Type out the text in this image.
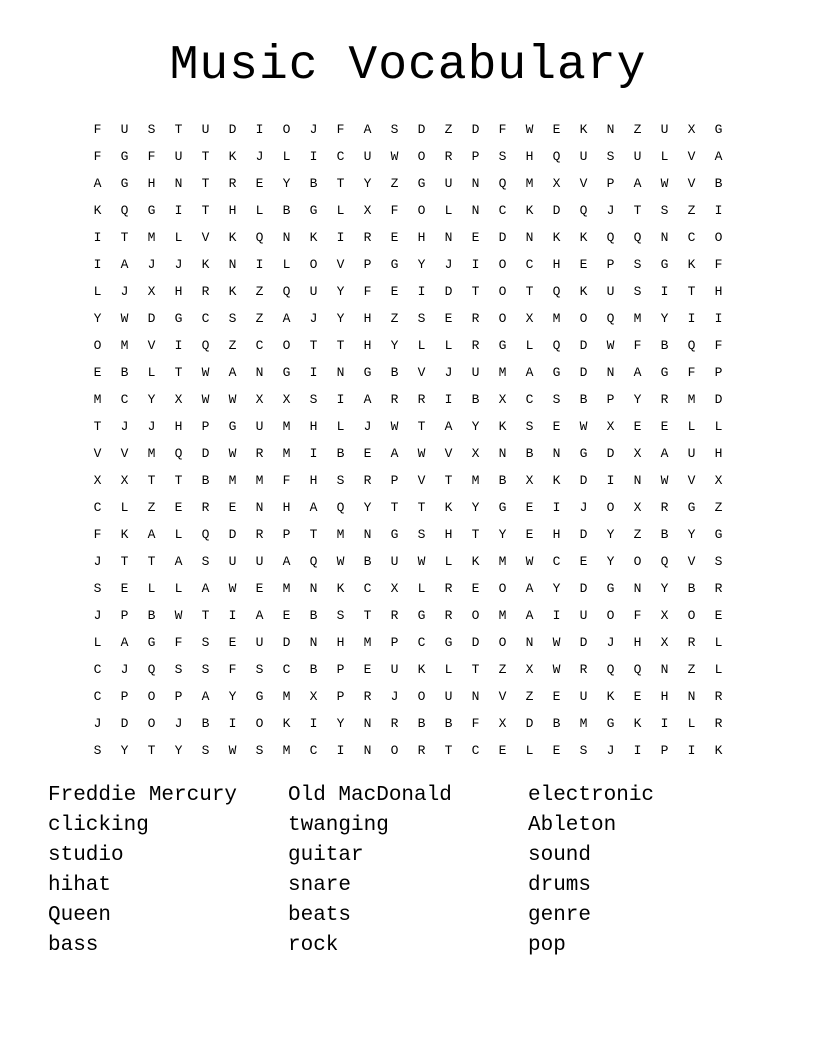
Music Vocabulary
F	U	S	T	U	D	I	O	J	F	A	S	D	Z	D	F	W	E	K	N	Z	U	X	G
F	G	F	U	T	K	J	L	I	C	U	W	O	R	P	S	H	Q	U	S	U	L	V	A
A	G	H	N	T	R	E	Y	B	T	Y	Z	G	U	N	Q	M	X	V	P	A	W	V	B
K	Q	G	I	T	H	L	B	G	L	X	F	O	L	N	C	K	D	Q	J	T	S	Z	I
I	T	M	L	V	K	Q	N	K	I	R	E	H	N	E	D	N	K	K	Q	Q	N	C	O
I	A	J	J	K	N	I	L	O	V	P	G	Y	J	I	O	C	H	E	P	S	G	K	F
L	J	X	H	R	K	Z	Q	U	Y	F	E	I	D	T	O	T	Q	K	U	S	I	T	H
Y	W	D	G	C	S	Z	A	J	Y	H	Z	S	E	R	O	X	M	O	Q	M	Y	I	I
O	M	V	I	Q	Z	C	O	T	T	H	Y	L	L	R	G	L	Q	D	W	F	B	Q	F
E	B	L	T	W	A	N	G	I	N	G	B	V	J	U	M	A	G	D	N	A	G	F	P
M	C	Y	X	W	W	X	X	S	I	A	R	R	I	B	X	C	S	B	P	Y	R	M	D
T	J	J	H	P	G	U	M	H	L	J	W	T	A	Y	K	S	E	W	X	E	E	L	L
V	V	M	Q	D	W	R	M	I	B	E	A	W	V	X	N	B	N	G	D	X	A	U	H
X	X	T	T	B	M	M	F	H	S	R	P	V	T	M	B	X	K	D	I	N	W	V	X
C	L	Z	E	R	E	N	H	A	Q	Y	T	T	K	Y	G	E	I	J	O	X	R	G	Z
F	K	A	L	Q	D	R	P	T	M	N	G	S	H	T	Y	E	H	D	Y	Z	B	Y	G
J	T	T	A	S	U	U	A	Q	W	B	U	W	L	K	M	W	C	E	Y	O	Q	V	S
S	E	L	L	A	W	E	M	N	K	C	X	L	R	E	O	A	Y	D	G	N	Y	B	R
J	P	B	W	T	I	A	E	B	S	T	R	G	R	O	M	A	I	U	O	F	X	O	E
L	A	G	F	S	E	U	D	N	H	M	P	C	G	D	O	N	W	D	J	H	X	R	L
C	J	Q	S	S	F	S	C	B	P	E	U	K	L	T	Z	X	W	R	Q	Q	N	Z	L
C	P	O	P	A	Y	G	M	X	P	R	J	O	U	N	V	Z	E	U	K	E	H	N	R
J	D	O	J	B	I	O	K	I	Y	N	R	B	B	F	X	D	B	M	G	K	I	L	R
S	Y	T	Y	S	W	S	M	C	I	N	O	R	T	C	E	L	E	S	J	I	P	I	K
Freddie Mercury	Old MacDonald	electronic
clicking	twanging	Ableton
studio	guitar	sound
hihat	snare	drums
Queen	beats	genre
bass	rock	pop
